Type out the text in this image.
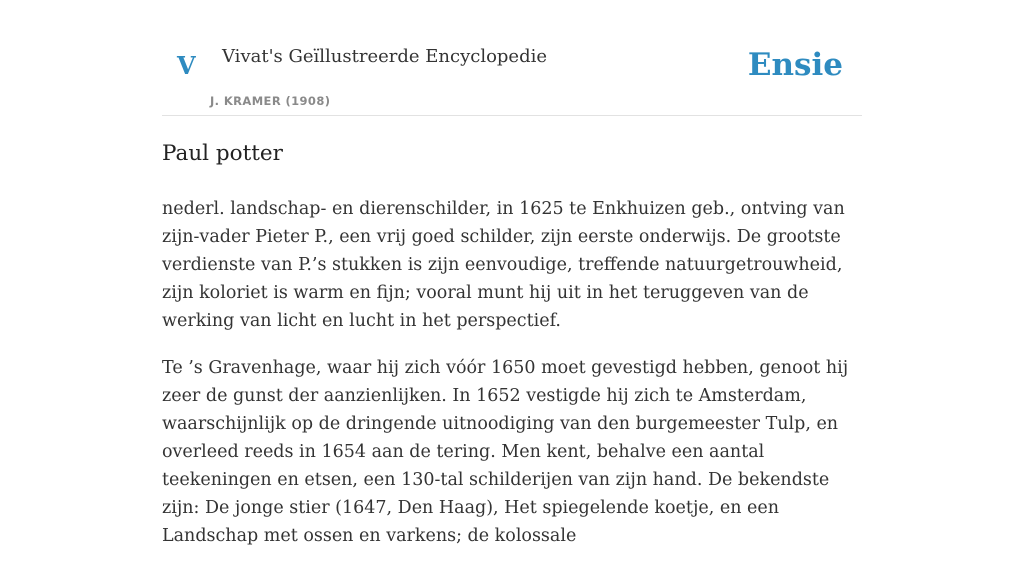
V Vivat's Geïllustreerde Encyclopedie
J. KRAMER (1908)
Ensie
Paul potter

nederl. landschap- en dierenschilder, in 1625 te Enkhuizen geb., ontving van zijn-vader Pieter P., een vrij goed schilder, zijn eerste onderwijs. De grootste verdienste van P.’s stukken is zijn eenvoudige, treffende natuurgetrouwheid, zijn koloriet is warm en fijn; vooral munt hij uit in het teruggeven van de werking van licht en lucht in het perspectief.

Te ’s Gravenhage, waar hij zich vóór 1650 moet gevestigd hebben, genoot hij zeer de gunst der aanzienlijken. In 1652 vestigde hij zich te Amsterdam, waarschijnlijk op de dringende uitnoodiging van den burgemeester Tulp, en overleed reeds in 1654 aan de tering. Men kent, behalve een aantal teekeningen en etsen, een 130-tal schilderijen van zijn hand. De bekendste zijn: De jonge stier (1647, Den Haag), Het spiegelende koetje, en een Landschap met ossen en varkens; de kolossale
